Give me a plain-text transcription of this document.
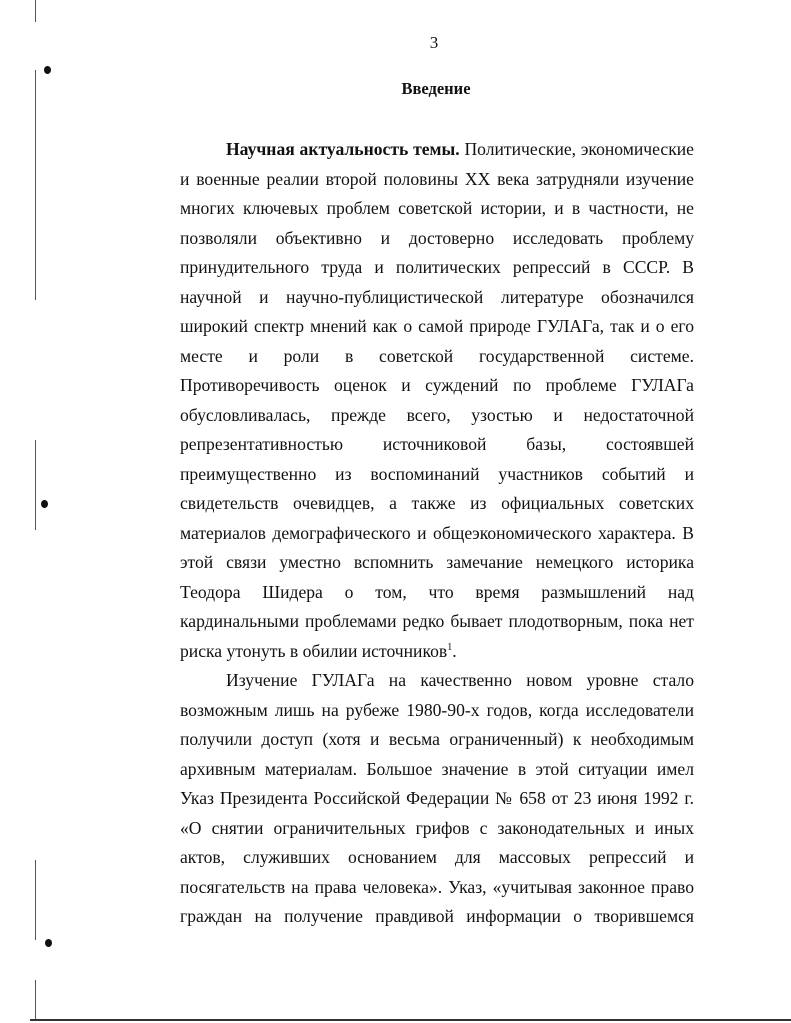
3
Введение
Научная актуальность темы. Политические, экономические
и военные реалии второй половины XX века затрудняли изучение
многих ключевых проблем советской истории, и в частности, не
позволяли объективно и достоверно исследовать проблему
принудительного труда и политических репрессий в СССР. В
научной и научно-публицистической литературе обозначился
широкий спектр мнений как о самой природе ГУЛАГа, так и о его
месте и роли в советской государственной системе.
Противоречивость оценок и суждений по проблеме ГУЛАГа
обусловливалась, прежде всего, узостью и недостаточной
репрезентативностью источниковой базы, состоявшей
преимущественно из воспоминаний участников событий и
свидетельств очевидцев, а также из официальных советских
материалов демографического и общеэкономического характера. В
этой связи уместно вспомнить замечание немецкого историка
Теодора Шидера о том, что время размышлений над
кардинальными проблемами редко бывает плодотворным, пока нет
риска утонуть в обилии источников$^1$.
Изучение ГУЛАГа на качественно новом уровне стало
возможным лишь на рубеже 1980-90-х годов, когда исследователи
получили доступ (хотя и весьма ограниченный) к необходимым
архивным материалам. Большое значение в этой ситуации имел
Указ Президента Российской Федерации № 658 от 23 июня 1992 г.
«О снятии ограничительных грифов с законодательных и иных
актов, служивших основанием для массовых репрессий и
посягательств на права человека». Указ, «учитывая законное право
граждан на получение правдивой информации о творившемся
